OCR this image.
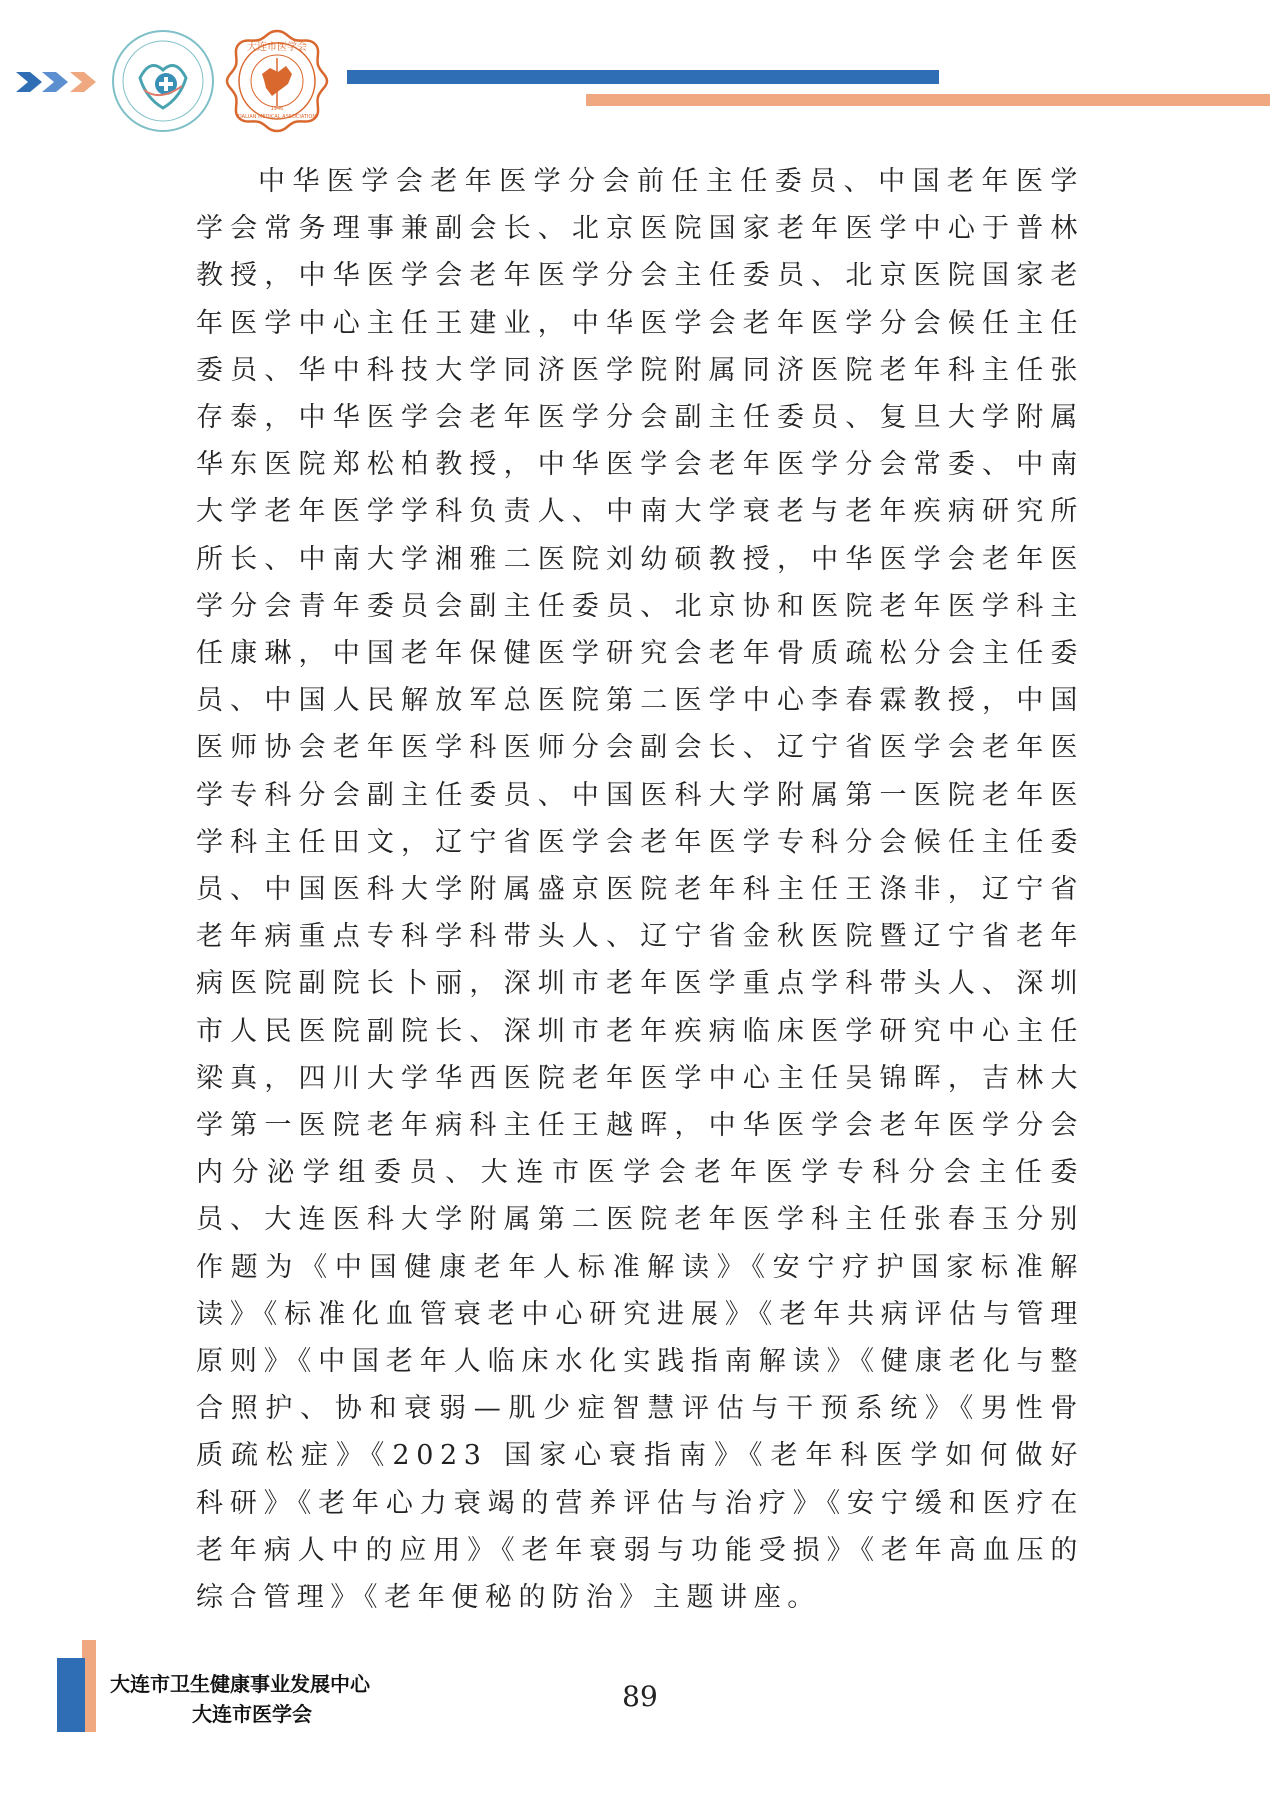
大连市医学会
DALIAN MEDICAL ASSOCIATION
1946

中华医学会老年医学分会前任主任委员、中国老年医学学会常务理事兼副会长、北京医院国家老年医学中心于普林教授，中华医学会老年医学分会主任委员、北京医院国家老年医学中心主任王建业，中华医学会老年医学分会候任主任委员、华中科技大学同济医学院附属同济医院老年科主任张存泰，中华医学会老年医学分会副主任委员、复旦大学附属华东医院郑松柏教授，中华医学会老年医学分会常委、中南大学老年医学学科负责人、中南大学衰老与老年疾病研究所所长、中南大学湘雅二医院刘幼硕教授，中华医学会老年医学分会青年委员会副主任委员、北京协和医院老年医学科主任康琳，中国老年保健医学研究会老年骨质疏松分会主任委员、中国人民解放军总医院第二医学中心李春霖教授，中国医师协会老年医学科医师分会副会长、辽宁省医学会老年医学专科分会副主任委员、中国医科大学附属第一医院老年医学科主任田文，辽宁省医学会老年医学专科分会候任主任委员、中国医科大学附属盛京医院老年科主任王涤非，辽宁省老年病重点专科学科带头人、辽宁省金秋医院暨辽宁省老年病医院副院长卜丽，深圳市老年医学重点学科带头人、深圳市人民医院副院长、深圳市老年疾病临床医学研究中心主任梁真，四川大学华西医院老年医学中心主任吴锦晖，吉林大学第一医院老年病科主任王越晖，中华医学会老年医学分会内分泌学组委员、大连市医学会老年医学专科分会主任委员、大连医科大学附属第二医院老年医学科主任张春玉分别作题为《中国健康老年人标准解读》《安宁疗护国家标准解读》《标准化血管衰老中心研究进展》《老年共病评估与管理原则》《中国老年人临床水化实践指南解读》《健康老化与整合照护、协和衰弱—肌少症智慧评估与干预系统》《男性骨质疏松症》《2023 国家心衰指南》《老年科医学如何做好科研》《老年心力衰竭的营养评估与治疗》《安宁缓和医疗在老年病人中的应用》《老年衰弱与功能受损》《老年高血压的综合管理》《老年便秘的防治》主题讲座。

大连市卫生健康事业发展中心
大连市医学会
89
